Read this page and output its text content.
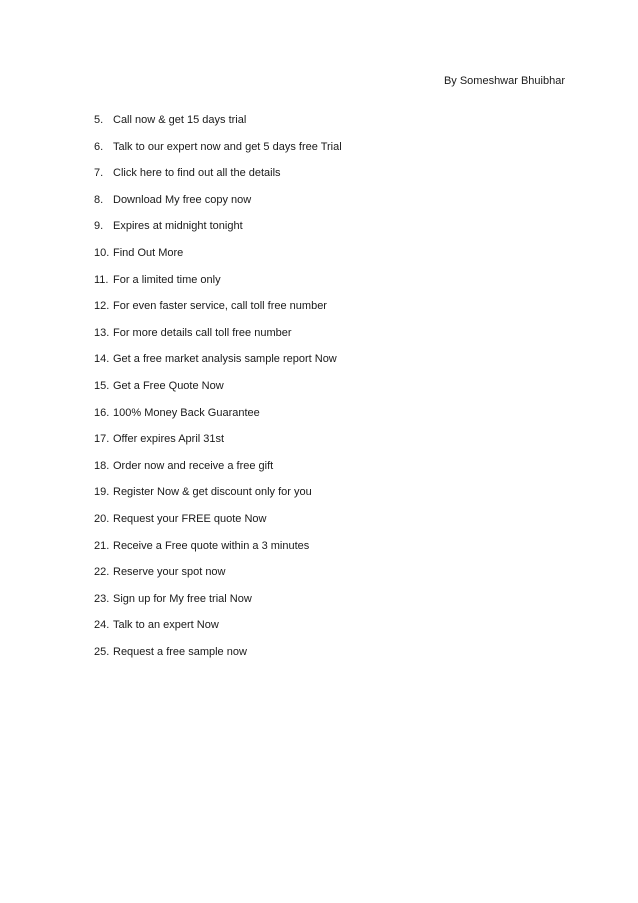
By Someshwar Bhuibhar
5. Call now & get 15 days trial
6. Talk to our expert now and get 5 days free Trial
7. Click here to find out all the details
8. Download My free copy now
9. Expires at midnight tonight
10. Find Out More
11. For a limited time only
12. For even faster service, call toll free number
13. For more details call toll free number
14. Get a free market analysis sample report Now
15. Get a Free Quote Now
16. 100% Money Back Guarantee
17. Offer expires April 31st
18. Order now and receive a free gift
19. Register Now & get discount only for you
20. Request your FREE quote Now
21. Receive a Free quote within a 3 minutes
22. Reserve your spot now
23. Sign up for My free trial Now
24. Talk to an expert Now
25. Request a free sample now
